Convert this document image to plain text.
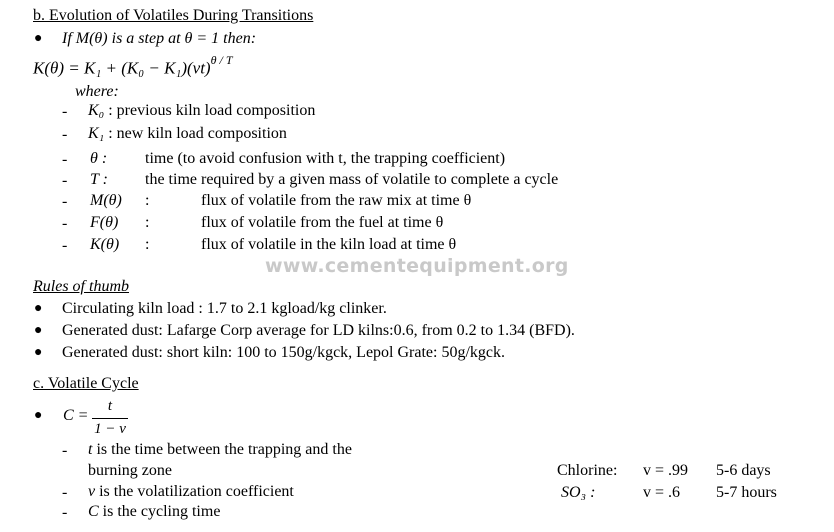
b. Evolution of Volatiles During Transitions
● If M(θ) is a step at θ = 1 then:
K(θ) = K₁ + (K₀ − K₁)(vt)$^{\theta / T}$
where:
- K₀ : previous kiln load composition
- K₁ : new kiln load composition
- θ : time (to avoid confusion with t, the trapping coefficient)
- T : the time required by a given mass of volatile to complete a cycle
- M(θ) :	flux of volatile from the raw mix at time θ
- F(θ) :	flux of volatile from the fuel at time θ
- K(θ) :	flux of volatile in the kiln load at time θ
www.cementequipment.org
Rules of thumb
● Circulating kiln load : 1.7 to 2.1 kgload/kg clinker.
● Generated dust: Lafarge Corp average for LD kilns:0.6, from 0.2 to 1.34 (BFD).
● Generated dust: short kiln: 100 to 150g/kgck, Lepol Grate: 50g/kgck.
c. Volatile Cycle
● C =
t
1 − v
- t is the time between the trapping and the
burning zone
- v is the volatilization coefficient
- C is the cycling time
Chlorine: v = .99 5-6 days
SO₃ :	v = .6 5-7 hours
